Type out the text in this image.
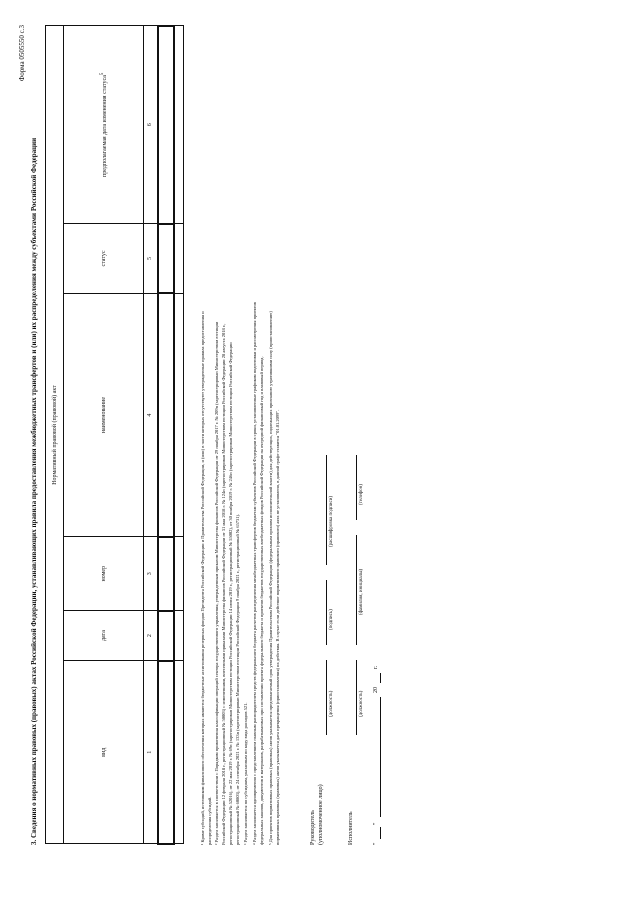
Форма 0505550 с.3
3. Сведения о нормативных правовых (правовых) актах Российской Федерации, устанавливающих правила предоставления межбюджетных трансфертов и (или) их распределения между субъектами Российской Федерации Нормативный правовой (правовой) акт					
вид	дата	номер	наименование	статус	предполагаемая дата изменения статуса$^5$
1	2	3	4	5	6

¹ Кроме субсидий, источником финансового обеспечения которых являются бюджетные ассигнования резервных фондов Президента Российской Федерации и Правительства Российской Федерации, и (или) в части которых отсутствуют утвержденные правила предоставления и распределения субсидий. ² Раздел заполняется в соответствии с Порядком применения классификации операций сектора государственного управления, утвержденным приказом Министерства финансов Российской Федерации от 29 ноября 2017 г. № 209н (зарегистрирован Министерством юстиции Российской Федерации 12 февраля 2018 г., регистрационный № 50003) с изменениями, внесенными приказами Министерства финансов Российской Федерации от 31 мая 2018 г. № 124н (зарегистрирован Министерством юстиции Российской Федерации 28 августа 2018 г., регистрационный № 52016), от 22 мая 2019 г. № 69н (зарегистрирован Министерством юстиции Российской Федерации 14 июня 2019 г., регистрационный № 55002), от 30 ноября 2019 г. № 246н (зарегистрирован Министерством юстиции Российской Федерации регистрационный № 60803), от 24 сентября 2021 г. № 133н (зарегистрирован Министерством юстиции Российской Федерации 9 ноября 2021 г., регистрационный № 65731). ³ Раздел заполняется по субсидиям, указанным по коду вида расходов 521. ⁴ Раздел заполняется одновременно с представлением главным распорядителем средств федерального бюджета расчетов распределения межбюджетных трансфертов бюджетам субъектов Российской Федерации в сроки, установленные графиком подготовки и рассмотрения проектов федеральных законов, документов и материалов, разрабатываемых при составлении проекта федерального бюджета и проектов бюджетов государственных внебюджетных фондов Российской Федерации на очередной финансовый год и плановый период. ⁵ Для проектов нормативных правовых (правовых) актов указывается предполагаемый срок утверждения Правительством Российской Федерации (федеральным органом исполнительной власти) для действующих, подлежащих признанию утратившими силу (приостановлению) нормативных правовых (правовых) актов указывается дата прекращения (приостановления) их действия. В случае если действие нормативного правового (правового) акта не установлено, в данной графе ставится "01.01.2099".	Руководитель (уполномоченное лицо)
(должность)
(подпись)
(расшифровка подписи)
Исполнитель
(должность)
(фамилия, инициалы)
(телефон)
"
"
20
г.
